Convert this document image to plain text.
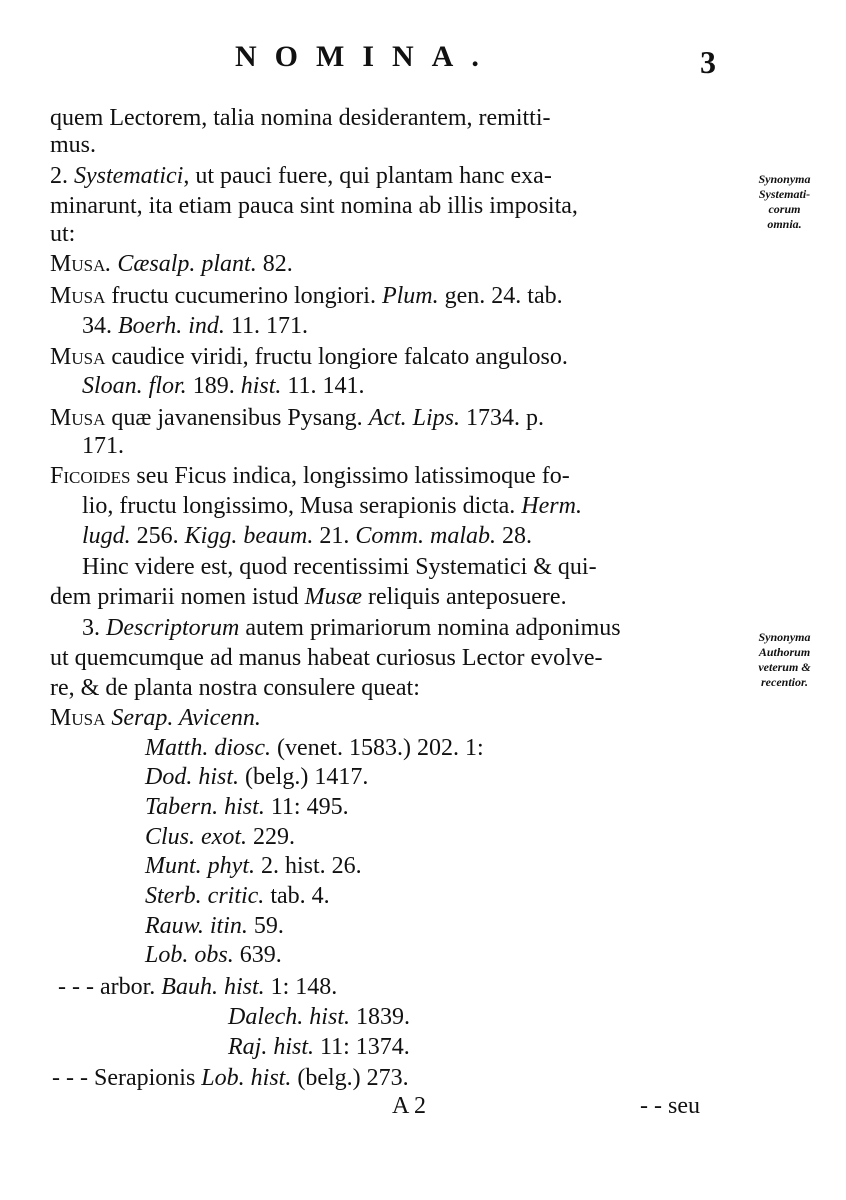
NOMINA.	3
quem Lectorem, talia nomina desiderantem, remitti-
mus.
2. Systematici, ut pauci fuere, qui plantam hanc exa-
minarunt, ita etiam pauca sint nomina ab illis imposita,
ut:
Musa. Cæsalp. plant. 82.
Musa fructu cucumerino longiori. Plum. gen. 24. tab.
34. Boerh. ind. 11. 171.
Musa caudice viridi, fructu longiore falcato anguloso.
Sloan. flor. 189. hist. 11. 141.
Musa quæ javanensibus Pysang. Act. Lips. 1734. p.
171.
Ficoides seu Ficus indica, longissimo latissimoque fo-
lio, fructu longissimo, Musa serapionis dicta. Herm.
lugd. 256. Kigg. beaum. 21. Comm. malab. 28.
Hinc videre est, quod recentissimi Systematici & qui-
dem primarii nomen istud Musæ reliquis anteposuere.
3. Descriptorum autem primariorum nomina adponimus
ut quemcumque ad manus habeat curiosus Lector evolve-
re, & de planta nostra consulere queat:
Musa Serap. Avicenn.
Matth. diosc. (venet. 1583.) 202. 1:
Dod. hist. (belg.) 1417.
Tabern. hist. 11: 495.
Clus. exot. 229.
Munt. phyt. 2. hist. 26.
Sterb. critic. tab. 4.
Rauw. itin. 59.
Lob. obs. 639.
- - - arbor. Bauh. hist. 1: 148.
Dalech. hist. 1839.
Raj. hist. 11: 1374.
- - - Serapionis Lob. hist. (belg.) 273.
Synonyma
Systemati-
corum
omnia.
Synonyma
Authorum
veterum &
recentior.
A 2	- - seu
